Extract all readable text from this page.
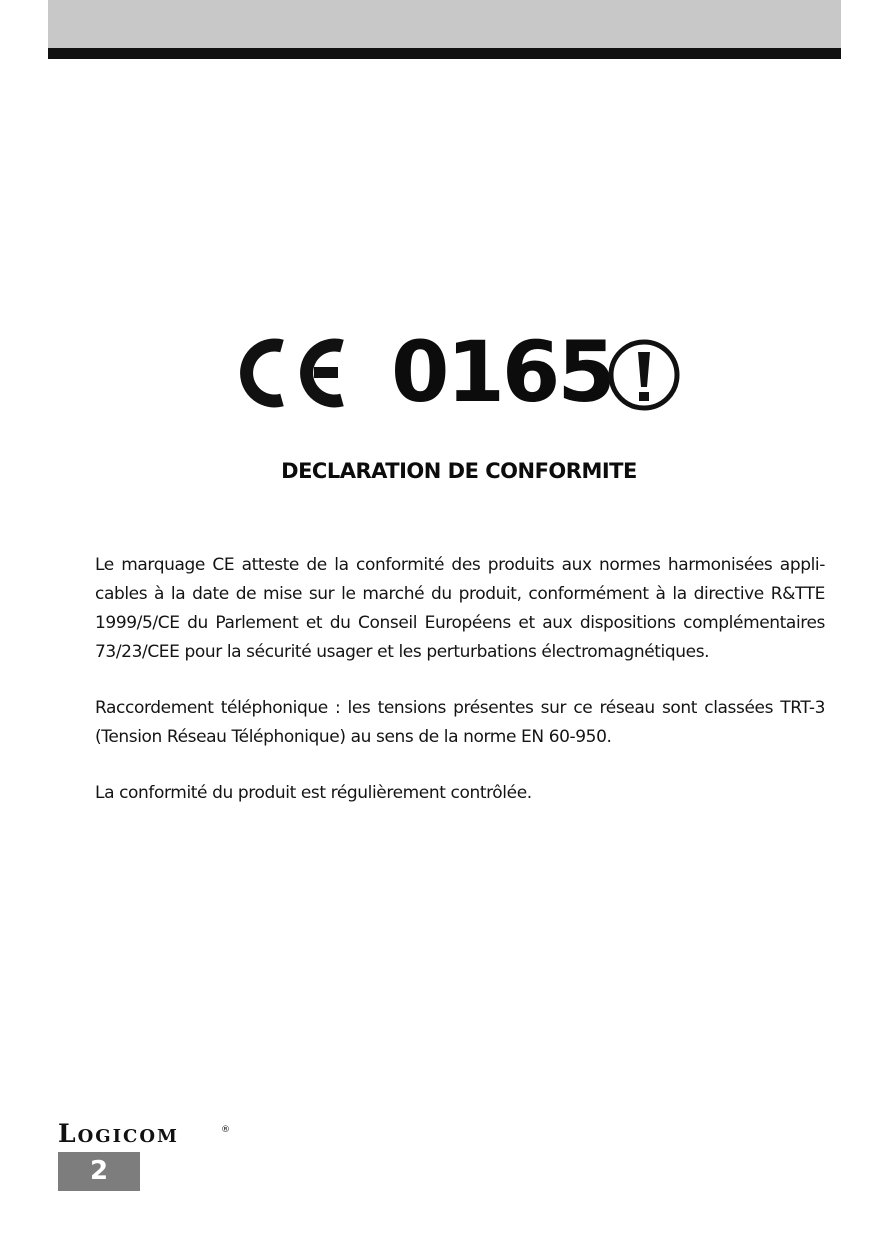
0165
DECLARATION DE CONFORMITE
Le marquage CE atteste de la conformité des produits aux normes harmonisées appli-
cables à la date de mise sur le marché du produit, conformément à la directive R&TTE
1999/5/CE du Parlement et du Conseil Européens et aux dispositions complémentaires
73/23/CEE pour la sécurité usager et les perturbations électromagnétiques.
Raccordement téléphonique : les tensions présentes sur ce réseau sont classées TRT-3
(Tension Réseau Téléphonique) au sens de la norme EN 60-950.
La conformité du produit est régulièrement contrôlée.
Logicom	®
2
